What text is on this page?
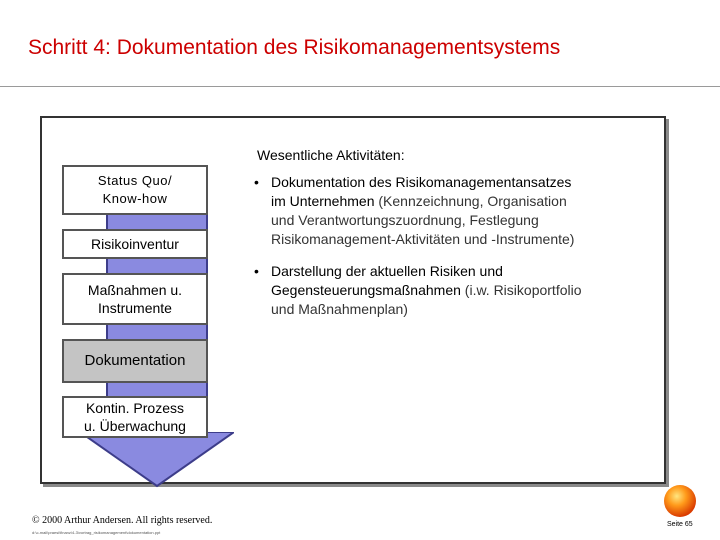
Schritt 4: Dokumentation des Risikomanagementsystems
Status Quo/
Know-how
Risikoinventur
Maßnahmen u.
Instrumente
Dokumentation
Kontin. Prozess
u. Überwachung
Wesentliche Aktivitäten:
• Dokumentation des Risikomanagementansatzes
im Unternehmen (Kennzeichnung, Organisation
und Verantwortungszuordnung, Festlegung
Risikomanagement-Aktivitäten und -Instrumente)
• Darstellung der aktuellen Risiken und
Gegensteuerungsmaßnahmen (i.w. Risikoportfolio
und Maßnahmenplan)
© 2000 Arthur Andersen. All rights reserved.
d:\c-mail\praesi\finanz\4-3\vortrag_risikomanagement\dokumentation.ppt
Seite 65
